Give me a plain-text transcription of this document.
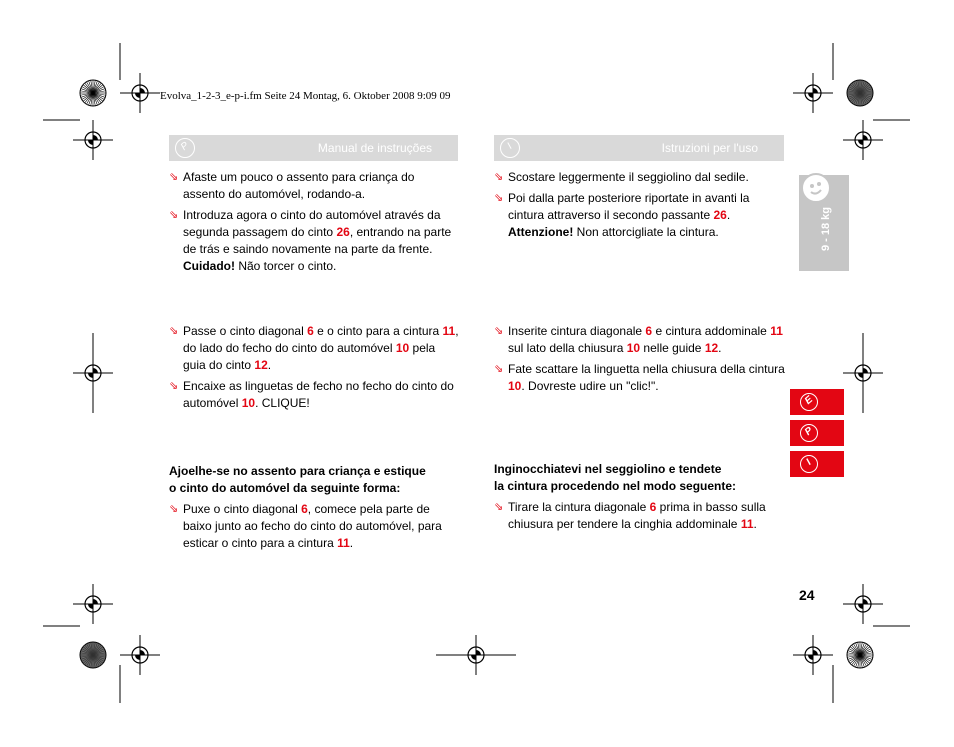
Evolva_1-2-3_e-p-i.fm Seite 24 Montag, 6. Oktober 2008 9:09 09
P	Manual de instruções	I	Istruzioni per l'uso
9 - 18 kg
E
P
I
⇘ Afaste um pouco o assento para criança do assento do automóvel, rodando-a.
⇘ Introduza agora o cinto do automóvel através da segunda passagem do cinto 26, entrando na parte de trás e saindo novamente na parte da frente.
Cuidado! Não torcer o cinto.
⇘ Passe o cinto diagonal 6 e o cinto para a cintura 11, do lado do fecho do cinto do automóvel 10 pela guia do cinto 12.
⇘ Encaixe as linguetas de fecho no fecho do cinto do automóvel 10. CLIQUE!
Ajoelhe-se no assento para criança e estique
o cinto do automóvel da seguinte forma:
⇘ Puxe o cinto diagonal 6, comece pela parte de baixo junto ao fecho do cinto do automóvel, para esticar o cinto para a cintura 11.
⇘ Scostare leggermente il seggiolino dal sedile.
⇘ Poi dalla parte posteriore riportate in avanti la cintura attraverso il secondo passante 26.
Attenzione! Non attorcigliate la cintura.
⇘ Inserite cintura diagonale 6 e cintura addominale 11 sul lato della chiusura 10 nelle guide 12.
⇘ Fate scattare la linguetta nella chiusura della cintura 10. Dovreste udire un "clic!".
Inginocchiatevi nel seggiolino e tendete
la cintura procedendo nel modo seguente:
⇘ Tirare la cintura diagonale 6 prima in basso sulla chiusura per tendere la cinghia addominale 11.
24
